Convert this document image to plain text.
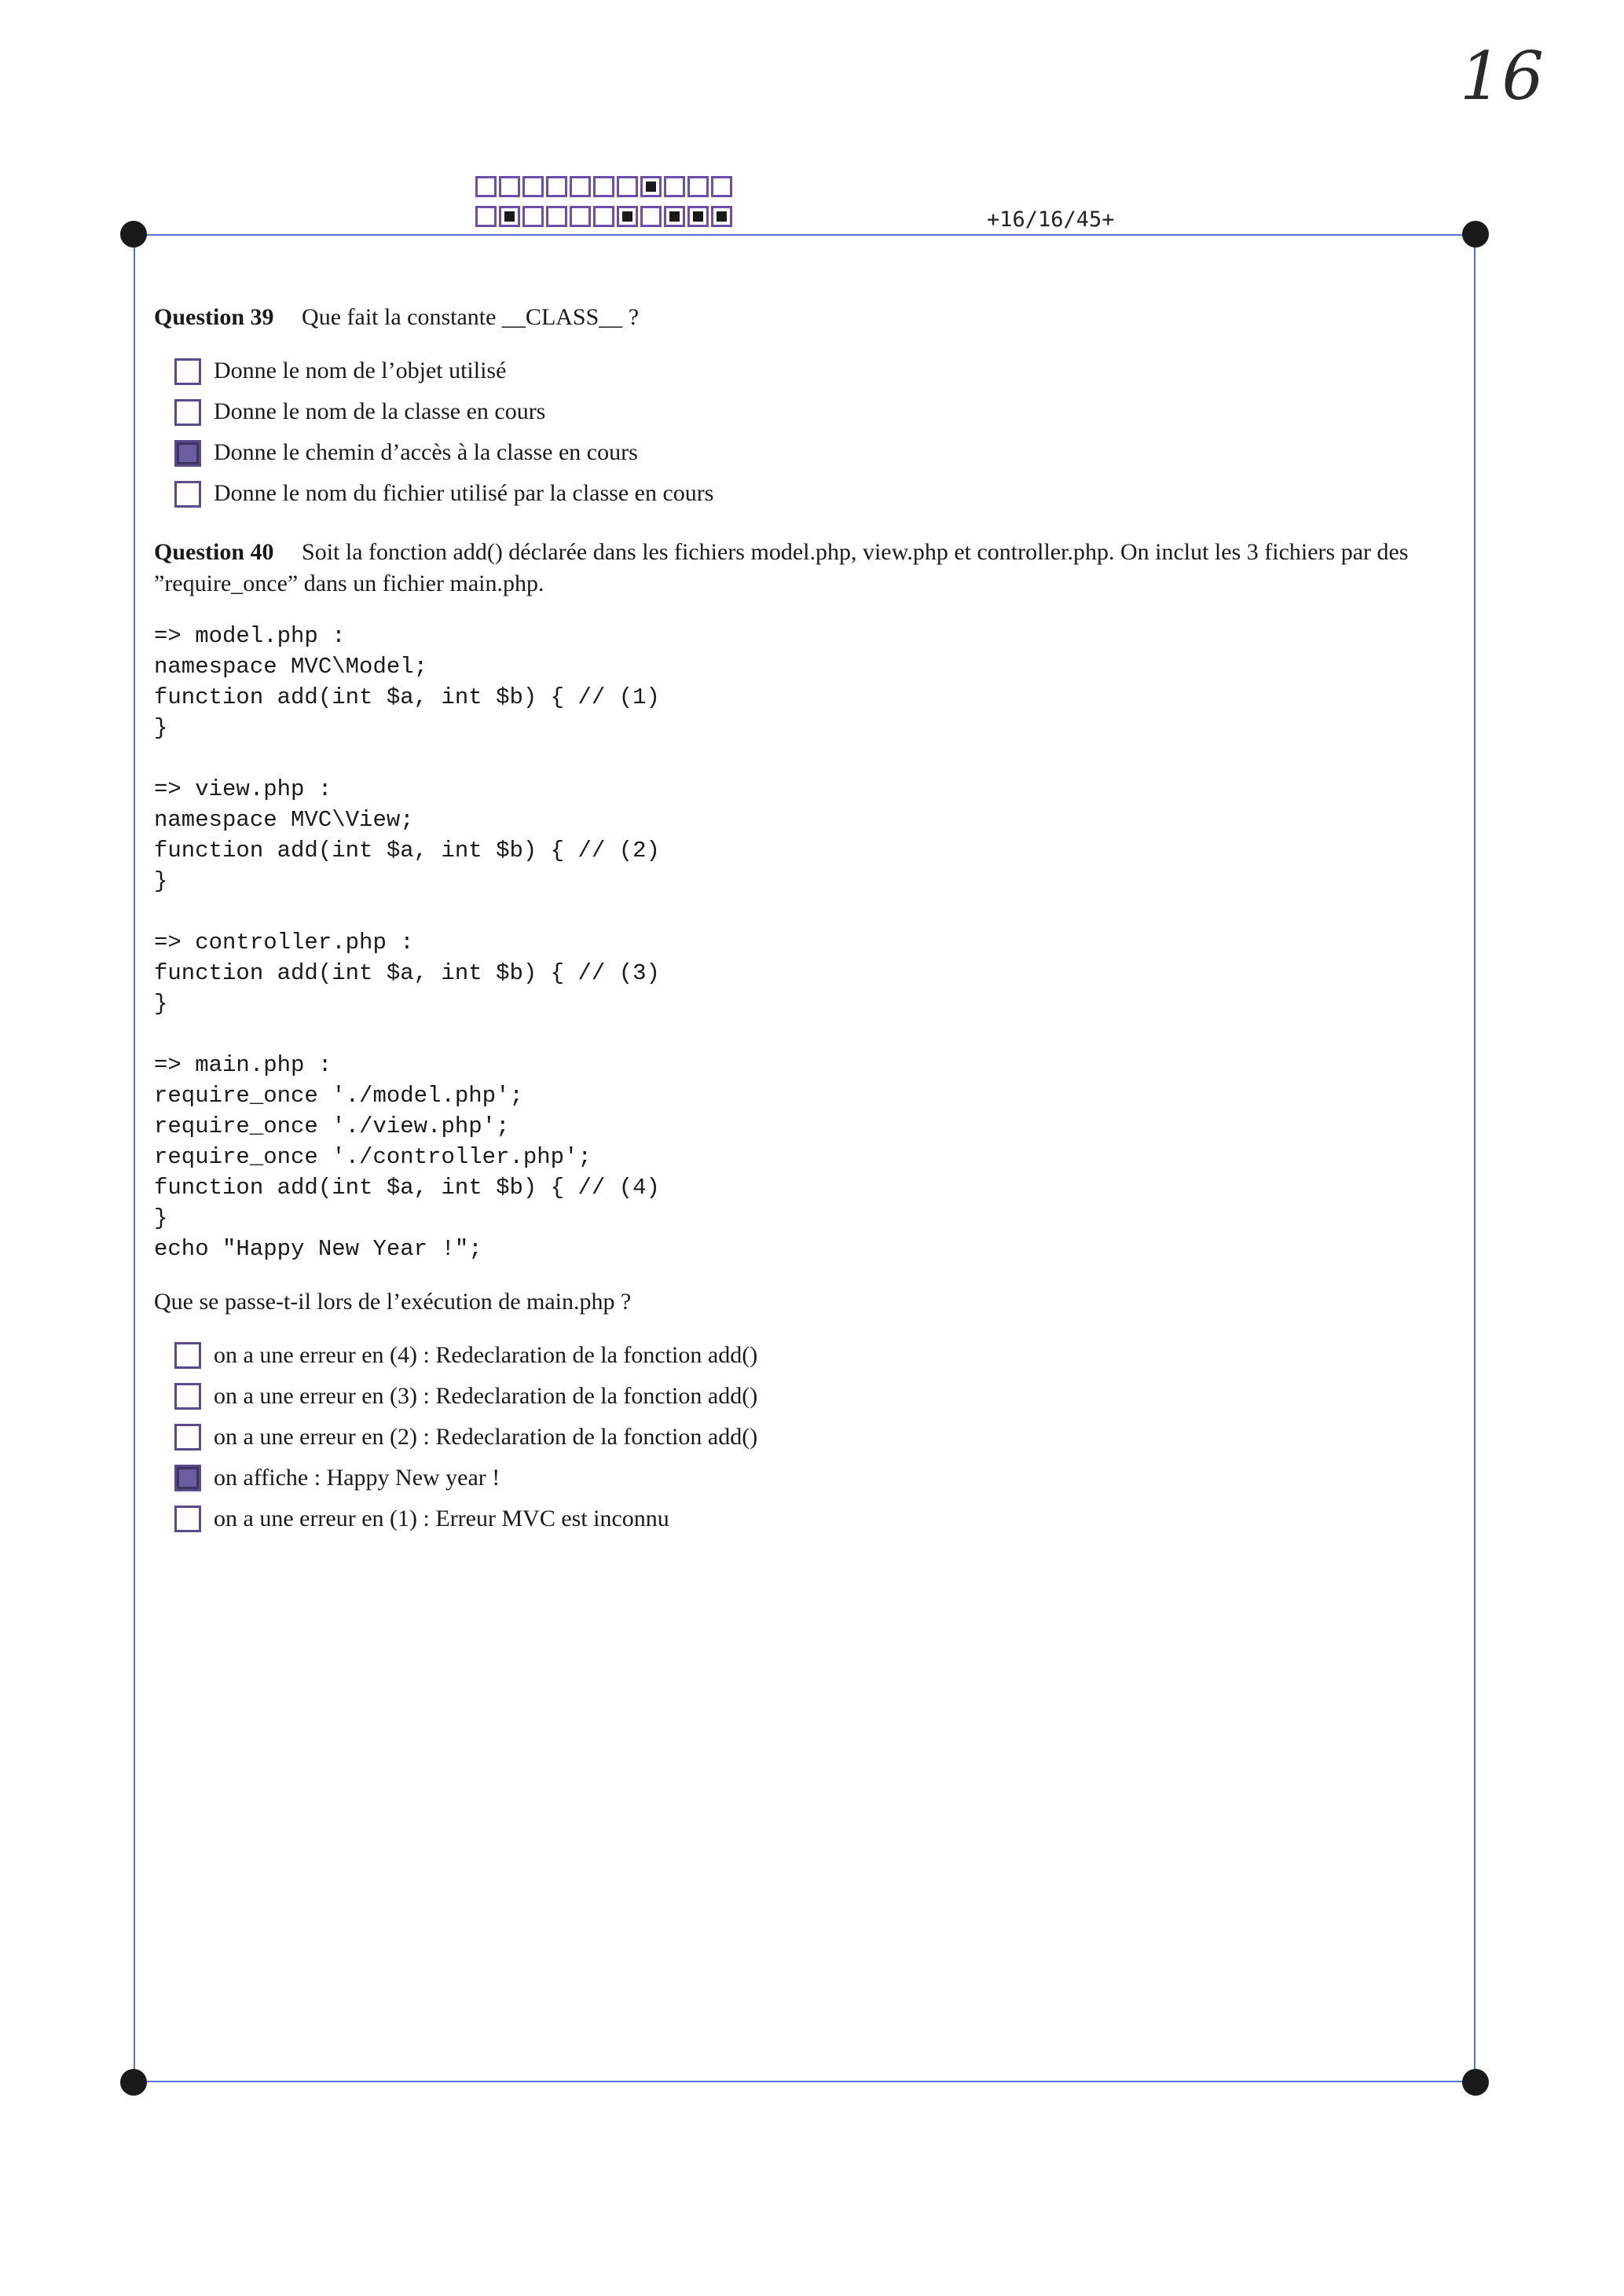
16
+16/16/45+

Question 39 Que fait la constante __CLASS__ ?

Donne le nom de l’objet utilisé
Donne le nom de la classe en cours
Donne le chemin d’accès à la classe en cours
Donne le nom du fichier utilisé par la classe en cours

Question 40 Soit la fonction add() déclarée dans les fichiers model.php, view.php et controller.php. On inclut les 3 fichiers par des ”require_once” dans un fichier main.php.

=> model.php :
namespace MVC\Model;
function add(int $a, int $b) { // (1)
}
=> view.php :
namespace MVC\View;
function add(int $a, int $b) { // (2)
}
=> controller.php :
function add(int $a, int $b) { // (3)
}
=> main.php :
require_once './model.php';
require_once './view.php';
require_once './controller.php';
function add(int $a, int $b) { // (4)
}
echo "Happy New Year !";

Que se passe-t-il lors de l’exécution de main.php ?

on a une erreur en (4) : Redeclaration de la fonction add()
on a une erreur en (3) : Redeclaration de la fonction add()
on a une erreur en (2) : Redeclaration de la fonction add()
on affiche : Happy New year !
on a une erreur en (1) : Erreur MVC est inconnu
